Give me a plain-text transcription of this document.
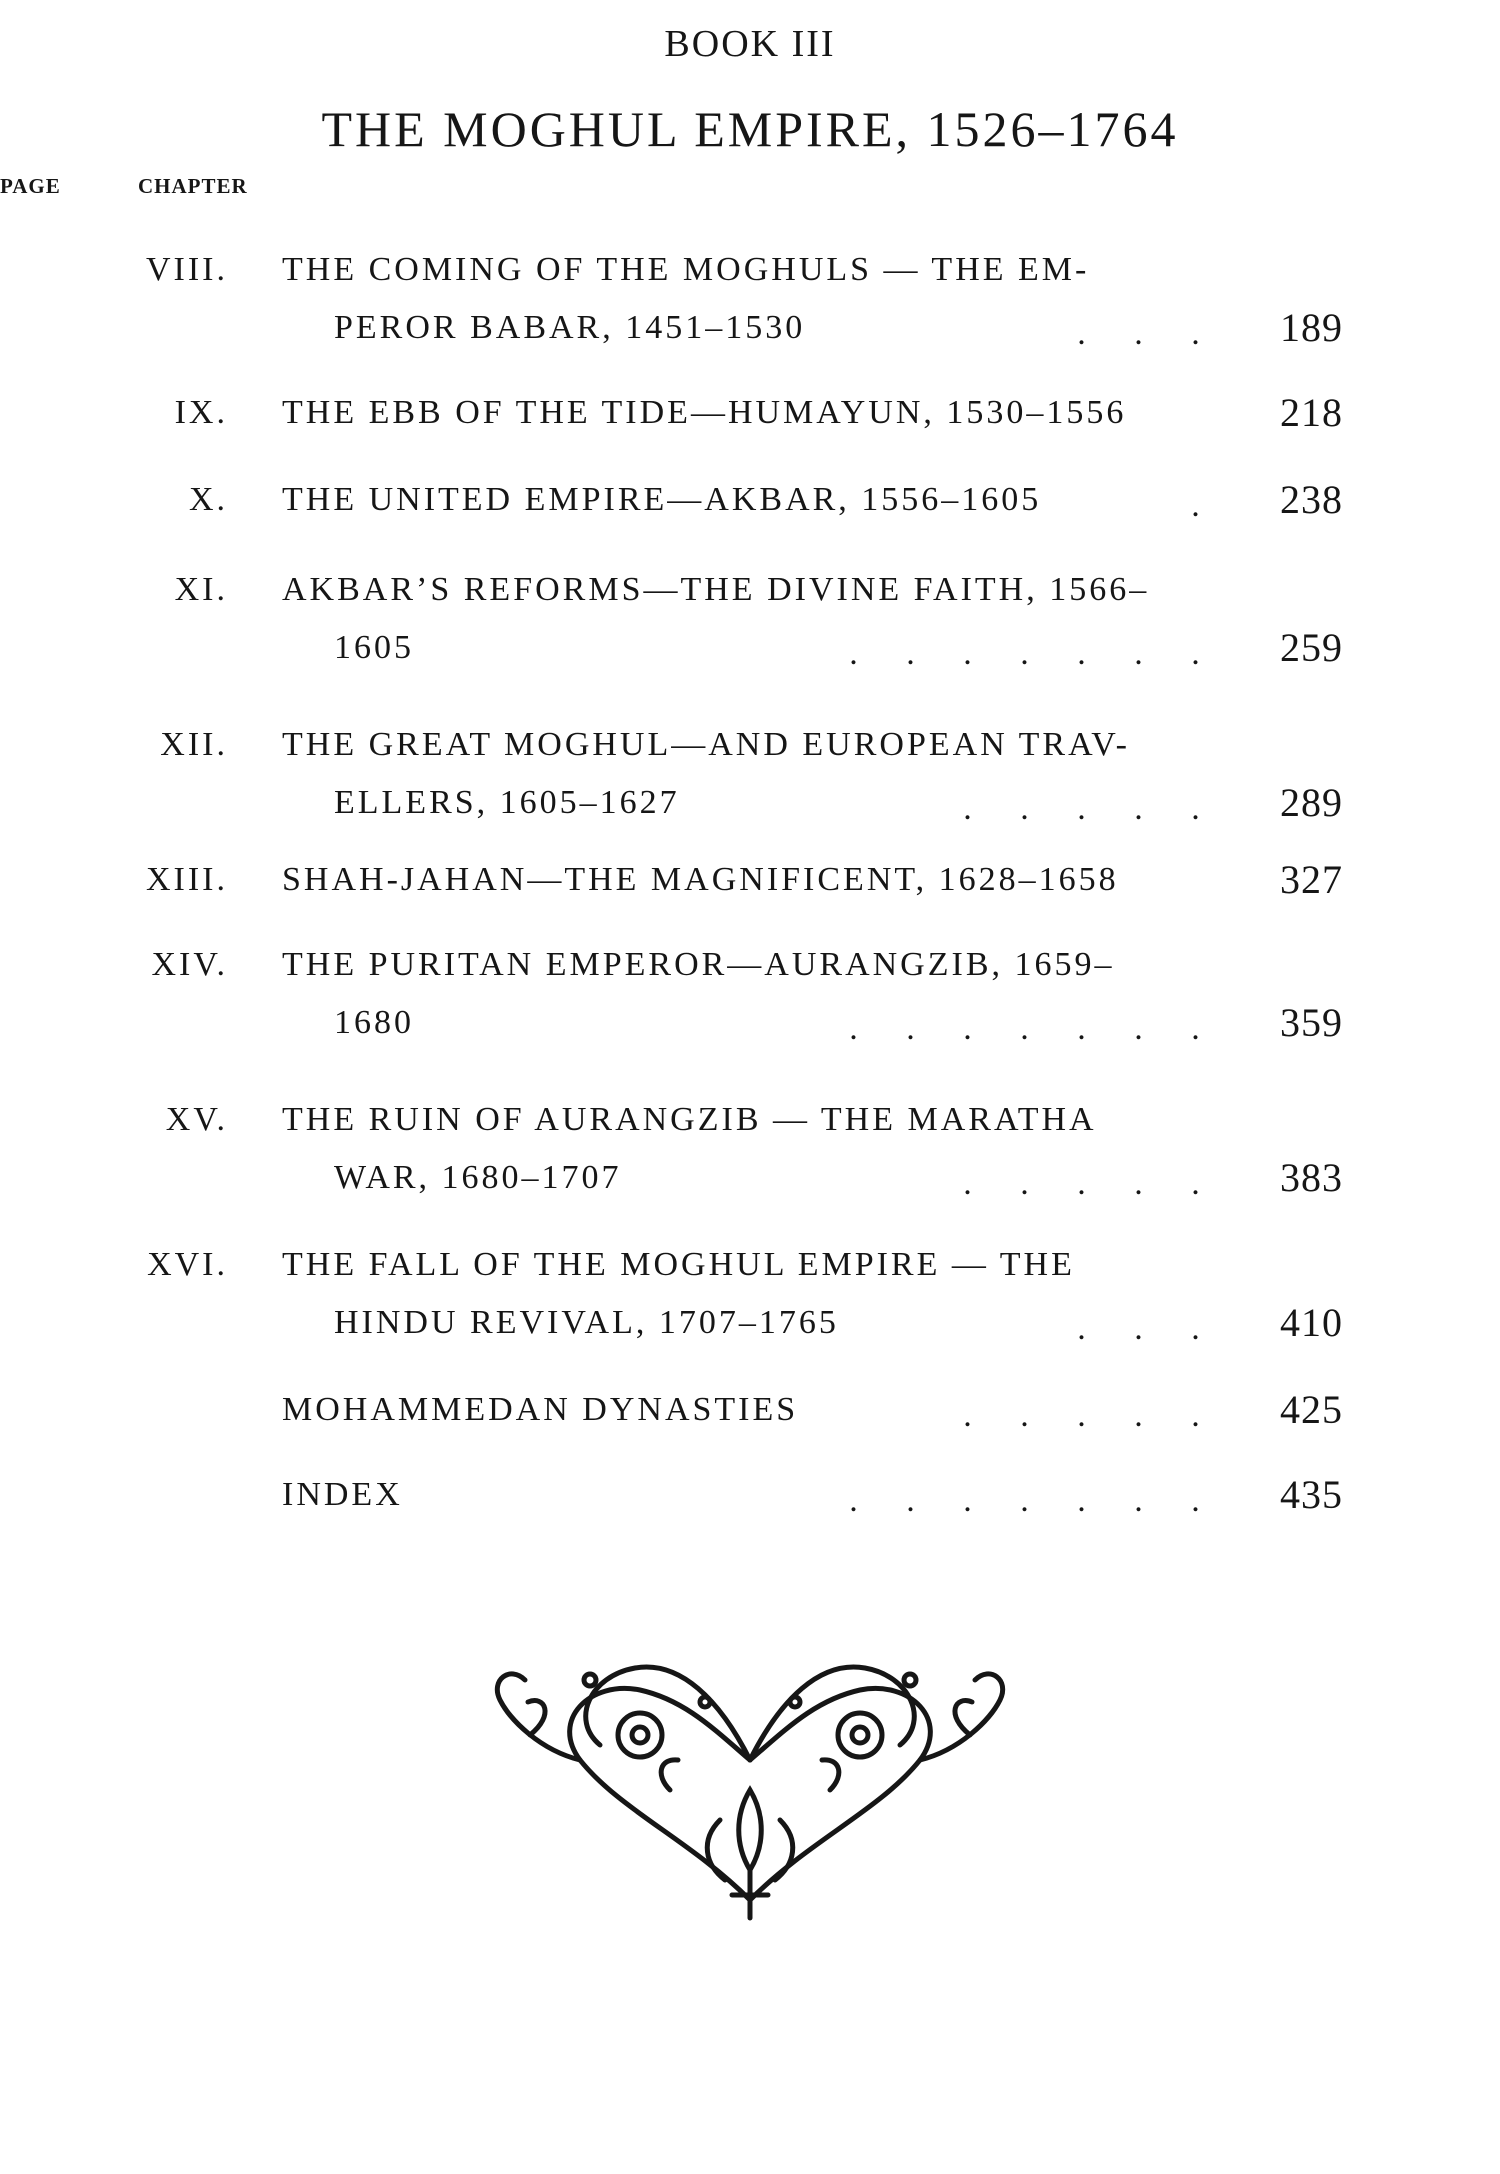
BOOK III
THE MOGHUL EMPIRE, 1526–1764
CHAPTER
PAGE
VIII. THE COMING OF THE MOGHULS — THE EM-
PEROR BABAR, 1451–1530	. . .	189
IX. THE EBB OF THE TIDE—HUMAYUN, 1530–1556	218
X. THE UNITED EMPIRE—AKBAR, 1556–1605	.	238
XI. AKBAR’S REFORMS—THE DIVINE FAITH, 1566–
1605	. . . . . . .	259
XII. THE GREAT MOGHUL—AND EUROPEAN TRAV-
ELLERS, 1605–1627	. . . . .	289
XIII. SHAH-JAHAN—THE MAGNIFICENT, 1628–1658	327
XIV. THE PURITAN EMPEROR—AURANGZIB, 1659–
1680	. . . . . . .	359
XV. THE RUIN OF AURANGZIB — THE MARATHA
WAR, 1680–1707	. . . . .	383
XVI. THE FALL OF THE MOGHUL EMPIRE — THE
HINDU REVIVAL, 1707–1765	. . .	410
MOHAMMEDAN DYNASTIES	. . . . .	425
INDEX	. . . . . . .	435
